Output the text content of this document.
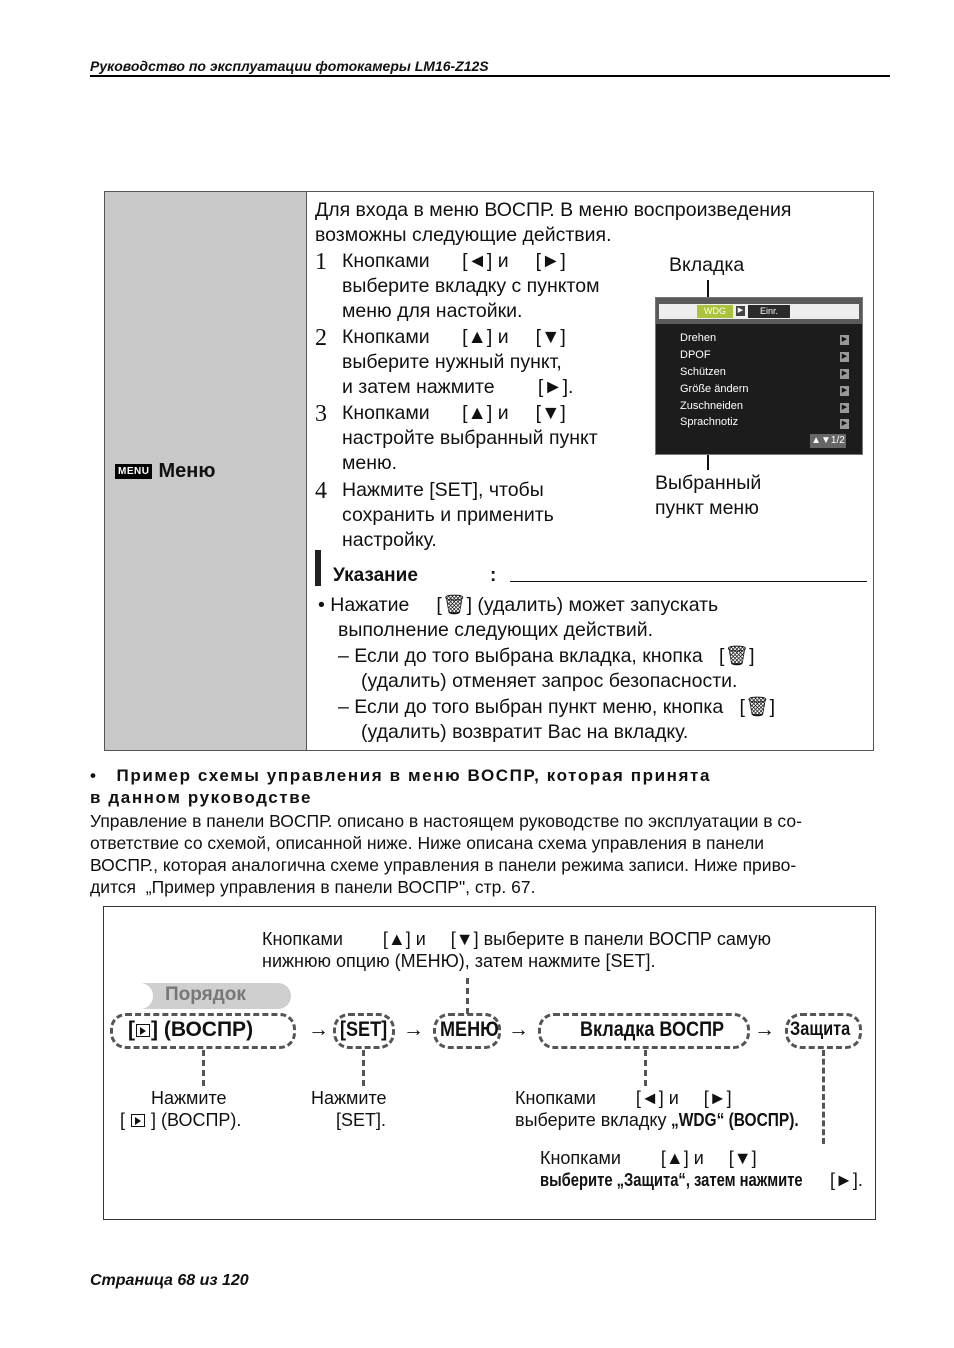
Руководство по эксплуатации фотокамеры LM16-Z12S
MENU Меню
Для входа в меню ВОСПР. В меню воспроизведения
возможны следующие действия.
1 Кнопками      [◄] и     [►]
выберите вкладку с пунктом
меню для настойки.
2 Кнопками      [▲] и     [▼]
выберите нужный пункт,
и затем нажмите        [►].
3 Кнопками      [▲] и     [▼]
настройте выбранный пункт
меню.
4 Нажмите [SET], чтобы
сохранить и применить
настройку.
Вкладка
Выбранный
пункт меню
WDG	▶	Einr.
Drehen	▶
DPOF	▶
Schützen	▶
Größe ändern	▶
Zuschneiden	▶
Sprachnotiz	▶
▲▼1/2
Указание	:
• Нажатие     [🗑] (удалить) может запускать
выполнение следующих действий.
– Если до того выбрана вкладка, кнопка   [🗑]
(удалить) отменяет запрос безопасности.
– Если до того выбран пункт меню, кнопка   [🗑]
(удалить) возвратит Вас на вкладку.
•   Пример схемы управления в меню ВОСПР, которая принята
в данном руководстве
Управление в панели ВОСПР. описано в настоящем руководстве по эксплуатации в со-
ответствие со схемой, описанной ниже. Ниже описана схема управления в панели
ВОСПР., которая аналогична схеме управления в панели режима записи. Ниже приво-
дится  „Пример управления в панели ВОСПР", стр. 67.
Кнопками        [▲] и     [▼] выберите в панели ВОСПР самую
нижнюю опцию (МЕНЮ), затем нажмите [SET].
Порядок
[ ] (ВОСПР)	→ [SET] → МЕНЮ → Вкладка ВОСПР	→ Защита
Нажмите
[ ] (ВОСПР).
Нажмите
[SET].
Кнопками        [◄] и     [►]
выберите вкладку „WDG“ (ВОСПР).
Кнопками        [▲] и     [▼]
выберите „Защита“, затем нажмите [►].
Страница 68 из 120
